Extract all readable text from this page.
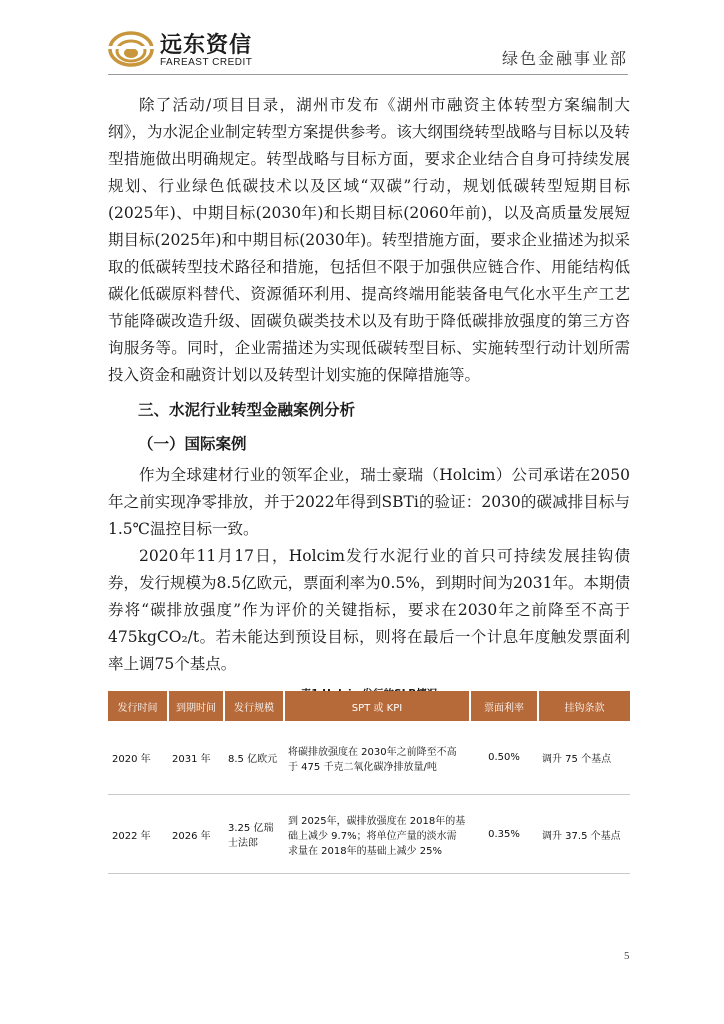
远东资信
FAREAST CREDIT	绿色金融事业部

除了活动/项目目录，湖州市发布《湖州市融资主体转型方案编制大纲》，为水泥企业制定转型方案提供参考。该大纲围绕转型战略与目标以及转型措施做出明确规定。转型战略与目标方面，要求企业结合自身可持续发展规划、行业绿色低碳技术以及区域“双碳”行动，规划低碳转型短期目标(2025年)、中期目标(2030年)和长期目标(2060年前)，以及高质量发展短期目标(2025年)和中期目标(2030年)。转型措施方面，要求企业描述为拟采取的低碳转型技术路径和措施，包括但不限于加强供应链合作、用能结构低碳化低碳原料替代、资源循环利用、提高终端用能装备电气化水平生产工艺节能降碳改造升级、固碳负碳类技术以及有助于降低碳排放强度的第三方咨询服务等。同时，企业需描述为实现低碳转型目标、实施转型行动计划所需投入资金和融资计划以及转型计划实施的保障措施等。

三、水泥行业转型金融案例分析
（一）国际案例

作为全球建材行业的领军企业，瑞士豪瑞（Holcim）公司承诺在2050年之前实现净零排放，并于2022年得到SBTi的验证：2030的碳减排目标与1.5℃温控目标一致。

2020年11月17日，Holcim发行水泥行业的首只可持续发展挂钩债券，发行规模为8.5亿欧元，票面利率为0.5%，到期时间为2031年。本期债券将“碳排放强度”作为评价的关键指标，要求在2030年之前降至不高于475kgCO₂/t。若未能达到预设目标，则将在最后一个计息年度触发票面利率上调75个基点。

发行时间	到期时间	发行规模	SPT 或 KPI	票面利率	挂钩条款
2020 年	2031 年	8.5 亿欧元	将碳排放强度在 2030年之前降至不高于 475 千克二氧化碳净排放量/吨	0.50%	调升 75 个基点
2022 年	2026 年	3.25 亿瑞士法郎	到 2025年，碳排放强度在 2018年的基础上减少 9.7%；将单位产量的淡水需求量在 2018年的基础上减少 25%	0.35%	调升 37.5 个基点
5
